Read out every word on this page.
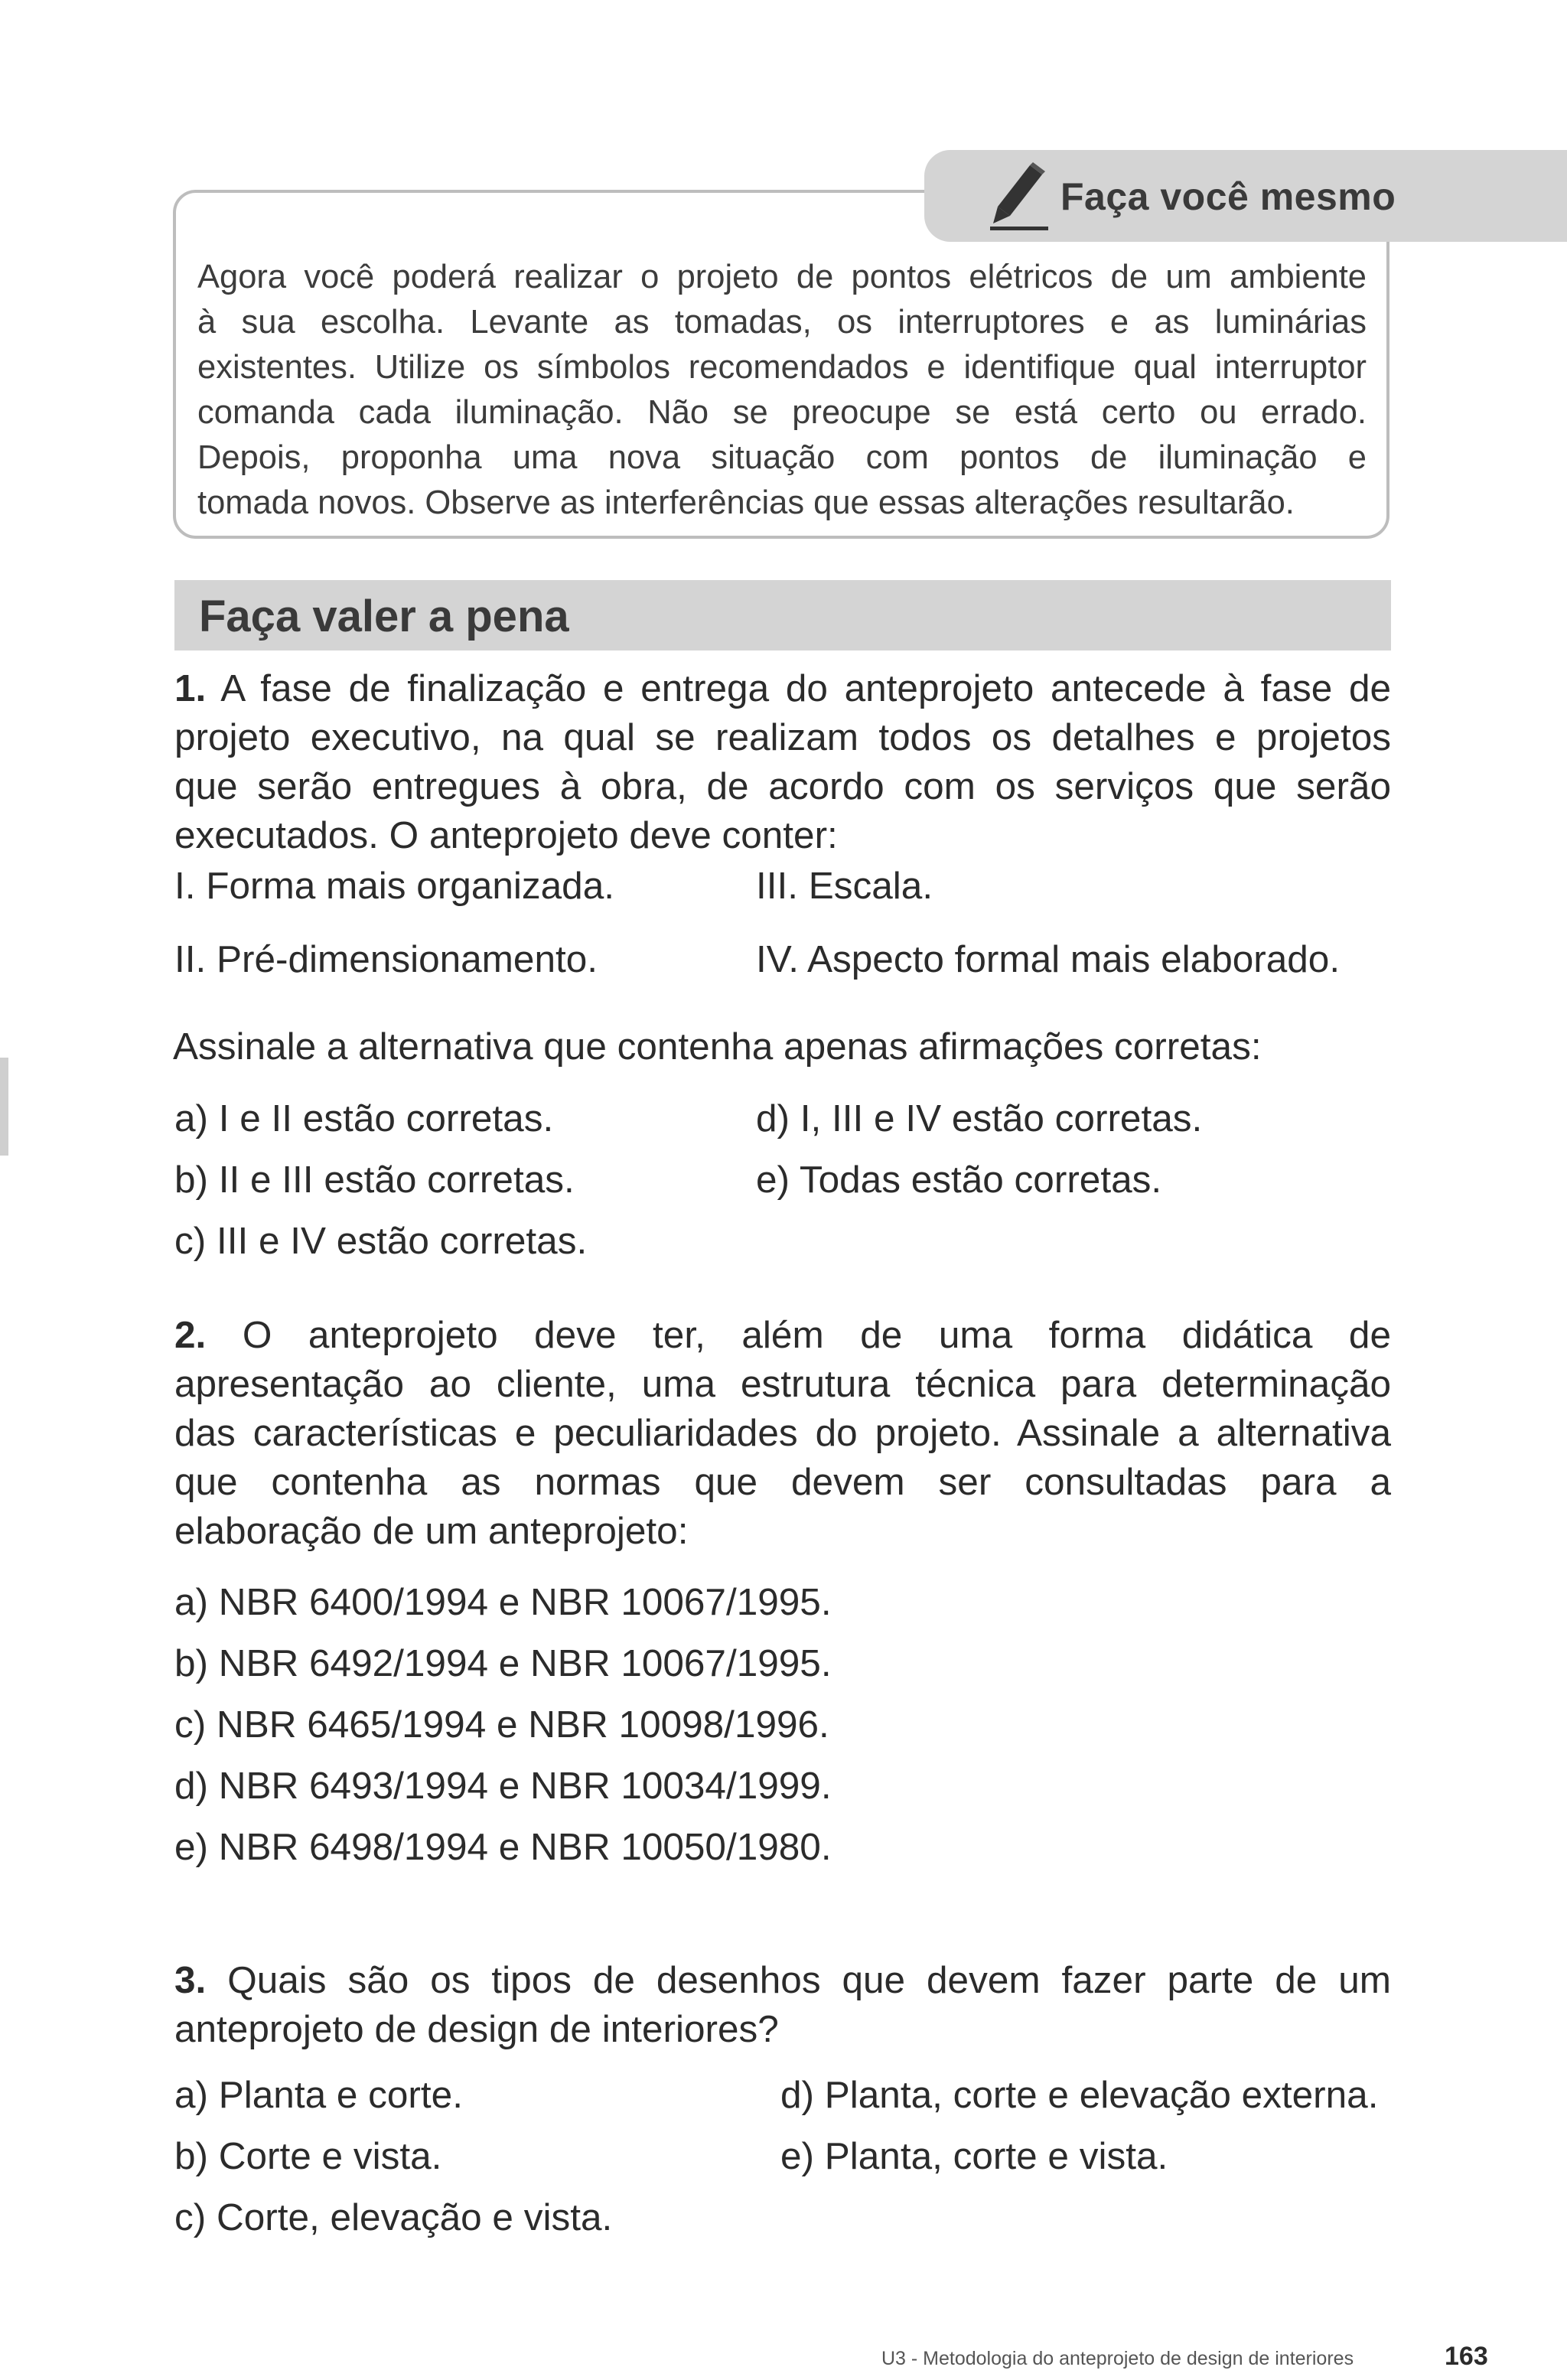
Faça você mesmo

Agora você poderá realizar o projeto de pontos elétricos de um ambiente

à sua escolha. Levante as tomadas, os interruptores e as luminárias

existentes. Utilize os símbolos recomendados e identifique qual interruptor

comanda cada iluminação. Não se preocupe se está certo ou errado.

Depois, proponha uma nova situação com pontos de iluminação e

tomada novos. Observe as interferências que essas alterações resultarão.

Faça valer a pena

1. A fase de finalização e entrega do anteprojeto antecede à fase de

projeto executivo, na qual se realizam todos os detalhes e projetos

que serão entregues à obra, de acordo com os serviços que serão

executados. O anteprojeto deve conter:

I. Forma mais organizada.	III. Escala.
II. Pré-dimensionamento.	IV. Aspecto formal mais elaborado.
Assinale a alternativa que contenha apenas afirmações corretas:
a) I e II estão corretas.	d) I, III e IV estão corretas.
b) II e III estão corretas.	e) Todas estão corretas.
c) III e IV estão corretas.

2. O anteprojeto deve ter, além de uma forma didática de

apresentação ao cliente, uma estrutura técnica para determinação

das características e peculiaridades do projeto. Assinale a alternativa

que contenha as normas que devem ser consultadas para a

elaboração de um anteprojeto:

a) NBR 6400/1994 e NBR 10067/1995.
b) NBR 6492/1994 e NBR 10067/1995.
c) NBR 6465/1994 e NBR 10098/1996.
d) NBR 6493/1994 e NBR 10034/1999.
e) NBR 6498/1994 e NBR 10050/1980.

3. Quais são os tipos de desenhos que devem fazer parte de um

anteprojeto de design de interiores?

a) Planta e corte.	d) Planta, corte e elevação externa.
b) Corte e vista.	e) Planta, corte e vista.
c) Corte, elevação e vista.
U3 - Metodologia do anteprojeto de design de interiores	163
